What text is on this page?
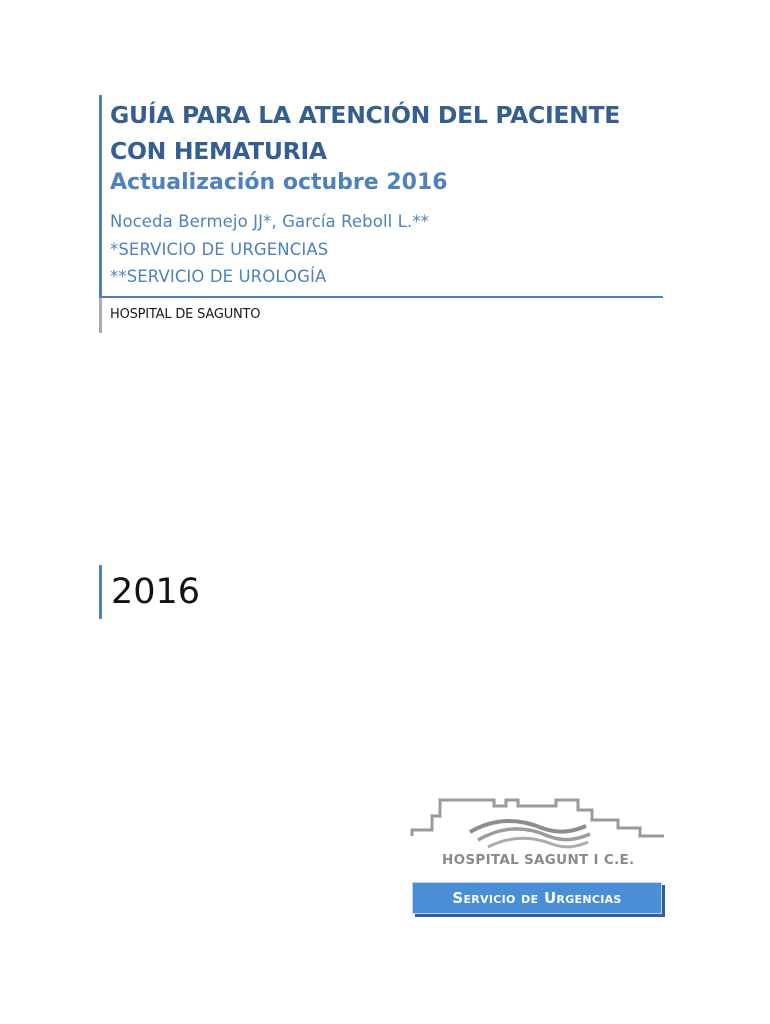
GUÍA PARA LA ATENCIÓN DEL PACIENTE CON HEMATURIA
Actualización octubre 2016
Noceda Bermejo JJ*, García Reboll L.**
*SERVICIO DE URGENCIAS
**SERVICIO DE UROLOGÍA
HOSPITAL DE SAGUNTO
2016
HOSPITAL SAGUNT I C.E.
Servicio de Urgencias
